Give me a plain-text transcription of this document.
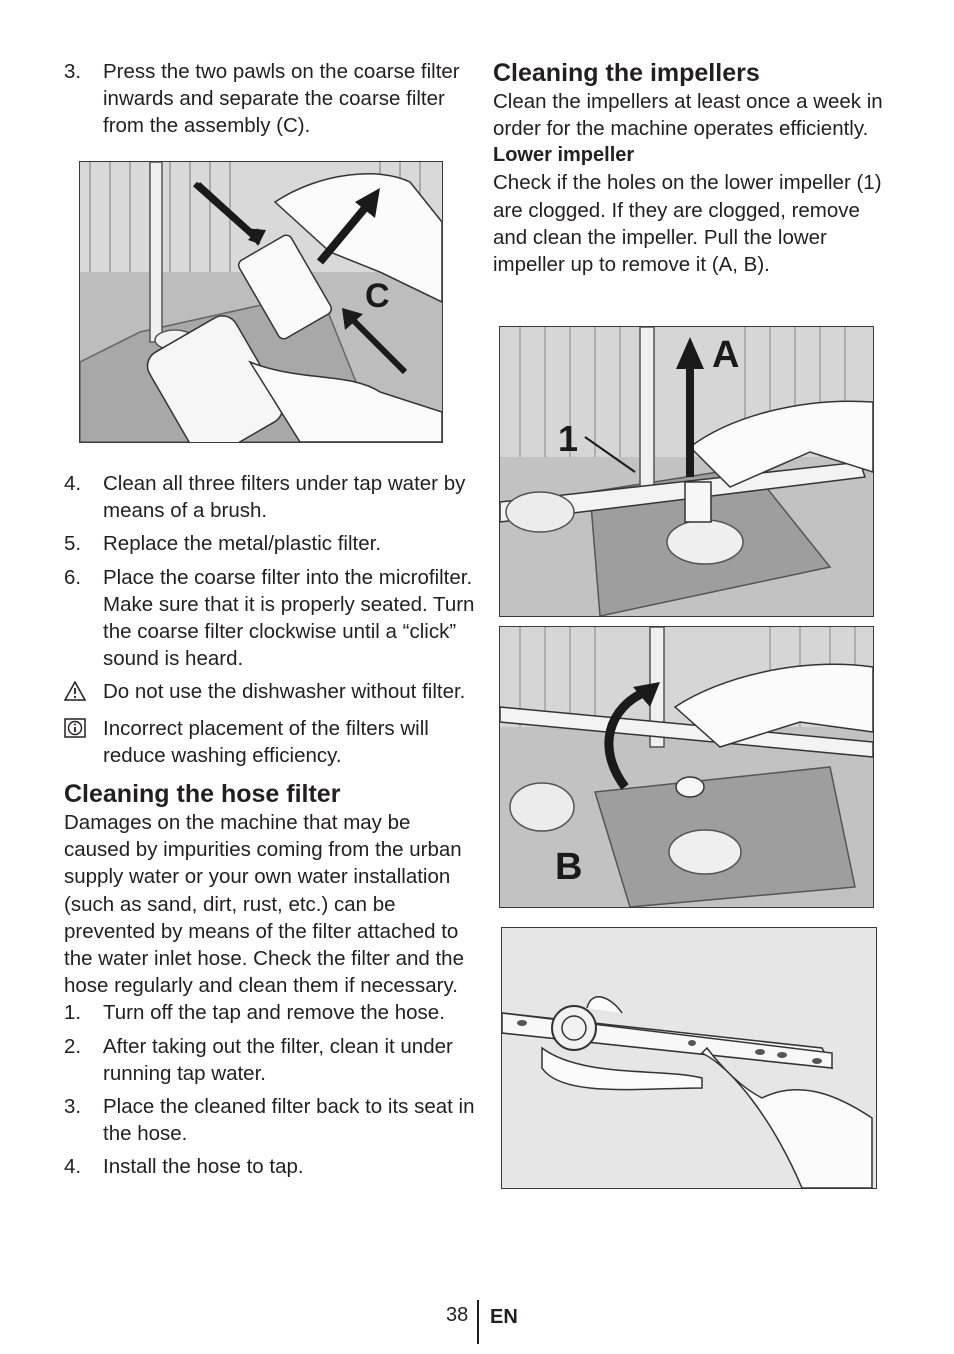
3.	Press the two pawls on the coarse filter inwards and separate the coarse filter from the assembly (C).
C
4.	Clean all three filters under tap water by means of a brush.
5.	Replace the metal/plastic filter.
6.	Place the coarse filter into the microfilter. Make sure that it is properly seated. Turn the coarse filter clockwise until a “click” sound is heard.
Do not use the dishwasher without filter.
Incorrect placement of the filters will reduce washing efficiency.
Cleaning the hose filter
Damages on the machine that may be caused by impurities coming from the urban supply water or your own water installation (such as sand, dirt, rust, etc.) can be prevented by means of the filter attached to the water inlet hose. Check the filter and the hose regularly and clean them if necessary.
1.	Turn off the tap and remove the hose.
2.	After taking out the filter, clean it under running tap water.
3.	Place the cleaned filter back to its seat in the hose.
4.	Install the hose to tap.
Cleaning the impellers
Clean the impellers at least once a week in order for the machine operates efficiently.
Lower impeller
Check if the holes on the lower impeller (1) are clogged. If they are clogged, remove and clean the impeller. Pull the lower impeller up to remove it (A, B).
1
A
B
38 EN
